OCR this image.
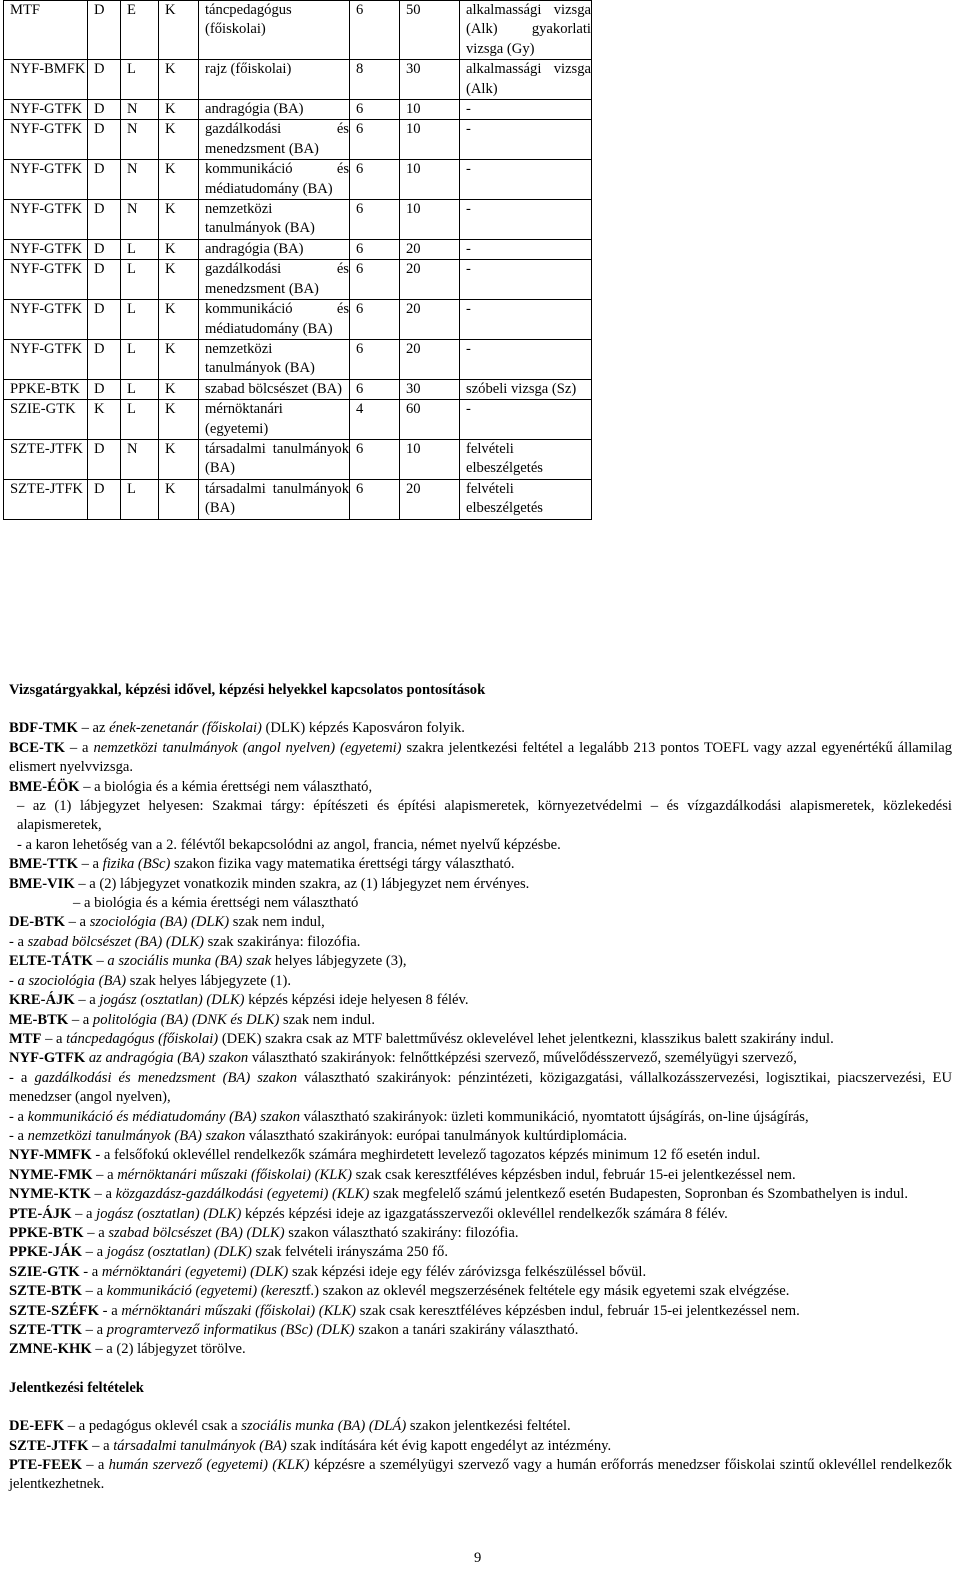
MTF	D	E	K	táncpedagógus (főiskolai)	6	50	alkalmassági vizsga (Alk) gyakorlati vizsga (Gy)
NYF-BMFK	D	L	K	rajz (főiskolai)	8	30	alkalmassági vizsga (Alk)
NYF-GTFK	D	N	K	andragógia (BA)	6	10	-
NYF-GTFK	D	N	K	gazdálkodási és menedzsment (BA)	6	10	-
NYF-GTFK	D	N	K	kommunikáció és médiatudomány (BA)	6	10	-
NYF-GTFK	D	N	K	nemzetközi tanulmányok (BA)	6	10	-
NYF-GTFK	D	L	K	andragógia (BA)	6	20	-
NYF-GTFK	D	L	K	gazdálkodási és menedzsment (BA)	6	20	-
NYF-GTFK	D	L	K	kommunikáció és médiatudomány (BA)	6	20	-
NYF-GTFK	D	L	K	nemzetközi tanulmányok (BA)	6	20	-
PPKE-BTK	D	L	K	szabad bölcsészet (BA)	6	30	szóbeli vizsga (Sz)
SZIE-GTK	K	L	K	mérnöktanári (egyetemi)	4	60	-
SZTE-JTFK	D	N	K	társadalmi tanulmányok (BA)	6	10	felvételi elbeszélgetés
SZTE-JTFK	D	L	K	társadalmi tanulmányok (BA)	6	20	felvételi elbeszélgetés

Vizsgatárgyakkal, képzési idővel, képzési helyekkel kapcsolatos pontosítások

BDF-TMK – az ének-zenetanár (főiskolai) (DLK) képzés Kaposváron folyik.

BCE-TK – a nemzetközi tanulmányok (angol nyelven) (egyetemi) szakra jelentkezési feltétel a legalább 213 pontos TOEFL vagy azzal egyenértékű államilag elismert nyelvvizsga.

BME-ÉÖK – a biológia és a kémia érettségi nem választható,

– az (1) lábjegyzet helyesen: Szakmai tárgy: építészeti és építési alapismeretek, környezetvédelmi – és vízgazdálkodási alapismeretek, közlekedési alapismeretek,

- a karon lehetőség van a 2. félévtől bekapcsolódni az angol, francia, német nyelvű képzésbe.

BME-TTK – a fizika (BSc) szakon fizika vagy matematika érettségi tárgy választható.

BME-VIK – a (2) lábjegyzet vonatkozik minden szakra, az (1) lábjegyzet nem érvényes.

– a biológia és a kémia érettségi nem választható

DE-BTK – a szociológia (BA) (DLK) szak nem indul,

- a szabad bölcsészet (BA) (DLK) szak szakiránya: filozófia.

ELTE-TÁTK – a szociális munka (BA) szak helyes lábjegyzete (3),

- a szociológia (BA) szak helyes lábjegyzete (1).

KRE-ÁJK – a jogász (osztatlan) (DLK) képzés képzési ideje helyesen 8 félév.

ME-BTK – a politológia (BA) (DNK és DLK) szak nem indul.

MTF – a táncpedagógus (főiskolai) (DEK) szakra csak az MTF balettművész oklevelével lehet jelentkezni, klasszikus balett szakirány indul.

NYF-GTFK az andragógia (BA) szakon választható szakirányok: felnőttképzési szervező, művelődésszervező, személyügyi szervező,

- a gazdálkodási és menedzsment (BA) szakon választható szakirányok: pénzintézeti, közigazgatási, vállalkozásszervezési, logisztikai, piacszervezési, EU menedzser (angol nyelven),

- a kommunikáció és médiatudomány (BA) szakon választható szakirányok: üzleti kommunikáció, nyomtatott újságírás, on-line újságírás,

- a nemzetközi tanulmányok (BA) szakon választható szakirányok: európai tanulmányok kultúrdiplomácia.

NYF-MMFK - a felsőfokú oklevéllel rendelkezők számára meghirdetett levelező tagozatos képzés minimum 12 fő esetén indul.

NYME-FMK – a mérnöktanári műszaki (főiskolai) (KLK) szak csak keresztféléves képzésben indul, február 15-ei jelentkezéssel nem.

NYME-KTK – a közgazdász-gazdálkodási (egyetemi) (KLK) szak megfelelő számú jelentkező esetén Budapesten, Sopronban és Szombathelyen is indul.

PTE-ÁJK – a jogász (osztatlan) (DLK) képzés képzési ideje az igazgatásszervezői oklevéllel rendelkezők számára 8 félév.

PPKE-BTK – a szabad bölcsészet (BA) (DLK) szakon választható szakirány: filozófia.

PPKE-JÁK – a jogász (osztatlan) (DLK) szak felvételi irányszáma 250 fő.

SZIE-GTK - a mérnöktanári (egyetemi) (DLK) szak képzési ideje egy félév záróvizsga felkészüléssel bővül.

SZTE-BTK – a kommunikáció (egyetemi) (keresztf.) szakon az oklevél megszerzésének feltétele egy másik egyetemi szak elvégzése.

SZTE-SZÉFK - a mérnöktanári műszaki (főiskolai) (KLK) szak csak keresztféléves képzésben indul, február 15-ei jelentkezéssel nem.

SZTE-TTK – a programtervező informatikus (BSc) (DLK) szakon a tanári szakirány választható.

ZMNE-KHK – a (2) lábjegyzet törölve.

Jelentkezési feltételek

DE-EFK – a pedagógus oklevél csak a szociális munka (BA) (DLÁ) szakon jelentkezési feltétel.

SZTE-JTFK – a társadalmi tanulmányok (BA) szak indítására két évig kapott engedélyt az intézmény.

PTE-FEEK – a humán szervező (egyetemi) (KLK) képzésre a személyügyi szervező vagy a humán erőforrás menedzser főiskolai szintű oklevéllel rendelkezők jelentkezhetnek.

9
